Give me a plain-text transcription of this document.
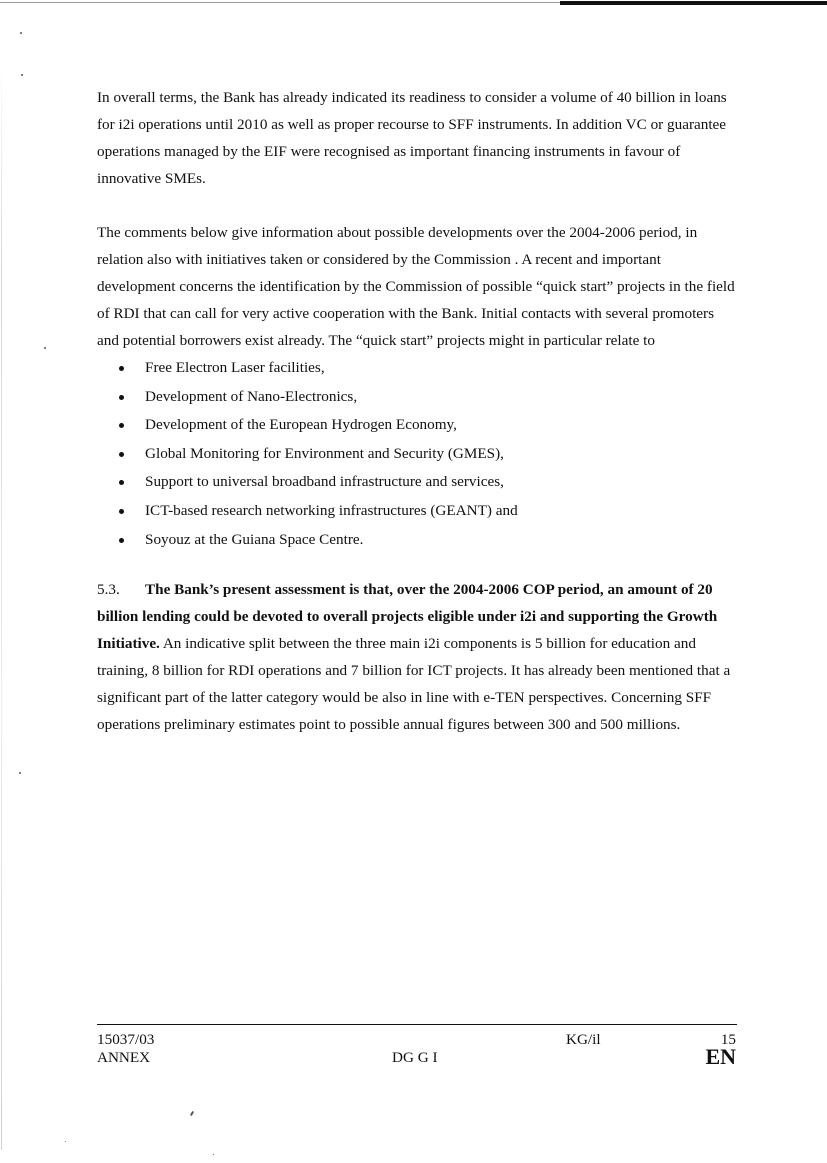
In overall terms, the Bank has already indicated its readiness to consider a volume of 40 billion in loans for i2i operations until 2010 as well as proper recourse to SFF instruments. In addition VC or guarantee operations managed by the EIF were recognised as important financing instruments in favour of innovative SMEs.

The comments below give information about possible developments over the 2004-2006 period, in relation also with initiatives taken or considered by the Commission . A recent and important development concerns the identification by the Commission of possible “quick start” projects in the field of RDI that can call for very active cooperation with the Bank. Initial contacts with several promoters and potential borrowers exist already. The “quick start” projects might in particular relate to

Free Electron Laser facilities,
Development of Nano-Electronics,
Development of the European Hydrogen Economy,
Global Monitoring for Environment and Security (GMES),
Support to universal broadband infrastructure and services,
ICT-based research networking infrastructures (GEANT) and
Soyouz at the Guiana Space Centre.

5.3. The Bank’s present assessment is that, over the 2004-2006 COP period, an amount of 20 billion lending could be devoted to overall projects eligible under i2i and supporting the Growth Initiative. An indicative split between the three main i2i components is 5 billion for education and training, 8 billion for RDI operations and 7 billion for ICT projects. It has already been mentioned that a significant part of the latter category would be also in line with e-TEN perspectives. Concerning SFF operations preliminary estimates point to possible annual figures between 300 and 500 millions.

15037/03
ANNEX	DG G I
KG/il	15
EN
